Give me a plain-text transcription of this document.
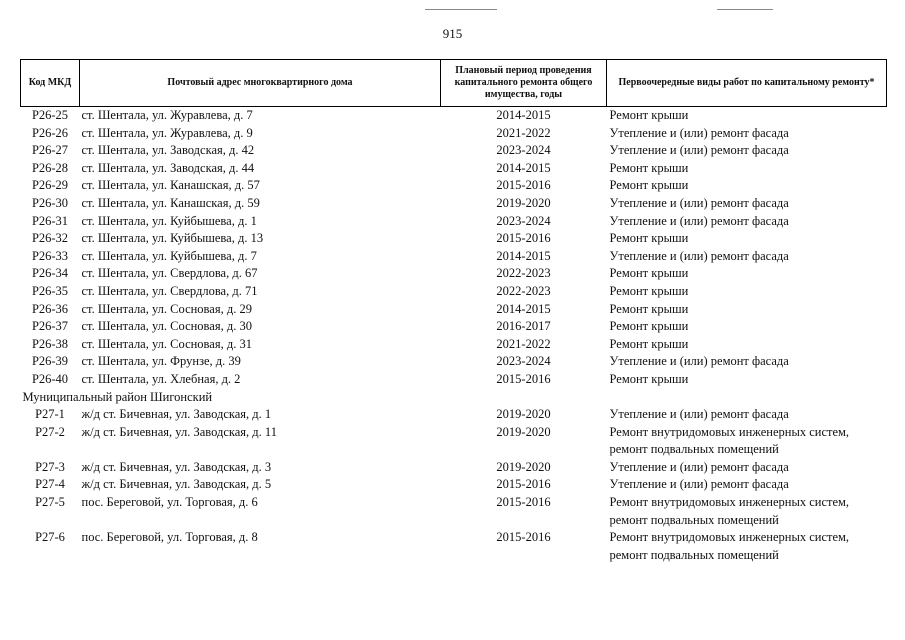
915
Код МКД	Почтовый адрес многоквартирного дома	Плановый период проведения капитального ремонта общего имущества, годы	Первоочередные виды работ по капитальному ремонту*
Р26-25	ст. Шентала, ул. Журавлева, д. 7	2014-2015	Ремонт крыши

Р26-26	ст. Шентала, ул. Журавлева, д. 9	2021-2022	Утепление и (или) ремонт фасада

Р26-27	ст. Шентала, ул. Заводская, д. 42	2023-2024	Утепление и (или) ремонт фасада

Р26-28	ст. Шентала, ул. Заводская, д. 44	2014-2015	Ремонт крыши

Р26-29	ст. Шентала, ул. Канашская, д. 57	2015-2016	Ремонт крыши

Р26-30	ст. Шентала, ул. Канашская, д. 59	2019-2020	Утепление и (или) ремонт фасада

Р26-31	ст. Шентала, ул. Куйбышева, д. 1	2023-2024	Утепление и (или) ремонт фасада

Р26-32	ст. Шентала, ул. Куйбышева, д. 13	2015-2016	Ремонт крыши

Р26-33	ст. Шентала, ул. Куйбышева, д. 7	2014-2015	Утепление и (или) ремонт фасада

Р26-34	ст. Шентала, ул. Свердлова, д. 67	2022-2023	Ремонт крыши

Р26-35	ст. Шентала, ул. Свердлова, д. 71	2022-2023	Ремонт крыши

Р26-36	ст. Шентала, ул. Сосновая, д. 29	2014-2015	Ремонт крыши

Р26-37	ст. Шентала, ул. Сосновая, д. 30	2016-2017	Ремонт крыши

Р26-38	ст. Шентала, ул. Сосновая, д. 31	2021-2022	Ремонт крыши

Р26-39	ст. Шентала, ул. Фрунзе, д. 39	2023-2024	Утепление и (или) ремонт фасада

Р26-40	ст. Шентала, ул. Хлебная, д. 2	2015-2016	Ремонт крыши

Муниципальный район Шигонский			
Р27-1	ж/д ст. Бичевная, ул. Заводская, д. 1	2019-2020	Утепление и (или) ремонт фасада

Р27-2	ж/д ст. Бичевная, ул. Заводская, д. 11	2019-2020	Ремонт внутридомовых инженерных систем,
ремонт подвальных помещений

Р27-3	ж/д ст. Бичевная, ул. Заводская, д. 3	2019-2020	Утепление и (или) ремонт фасада

Р27-4	ж/д ст. Бичевная, ул. Заводская, д. 5	2015-2016	Утепление и (или) ремонт фасада

Р27-5	пос. Береговой, ул. Торговая, д. 6	2015-2016	Ремонт внутридомовых инженерных систем,
ремонт подвальных помещений

Р27-6	пос. Береговой, ул. Торговая, д. 8	2015-2016	Ремонт внутридомовых инженерных систем,
ремонт подвальных помещений
